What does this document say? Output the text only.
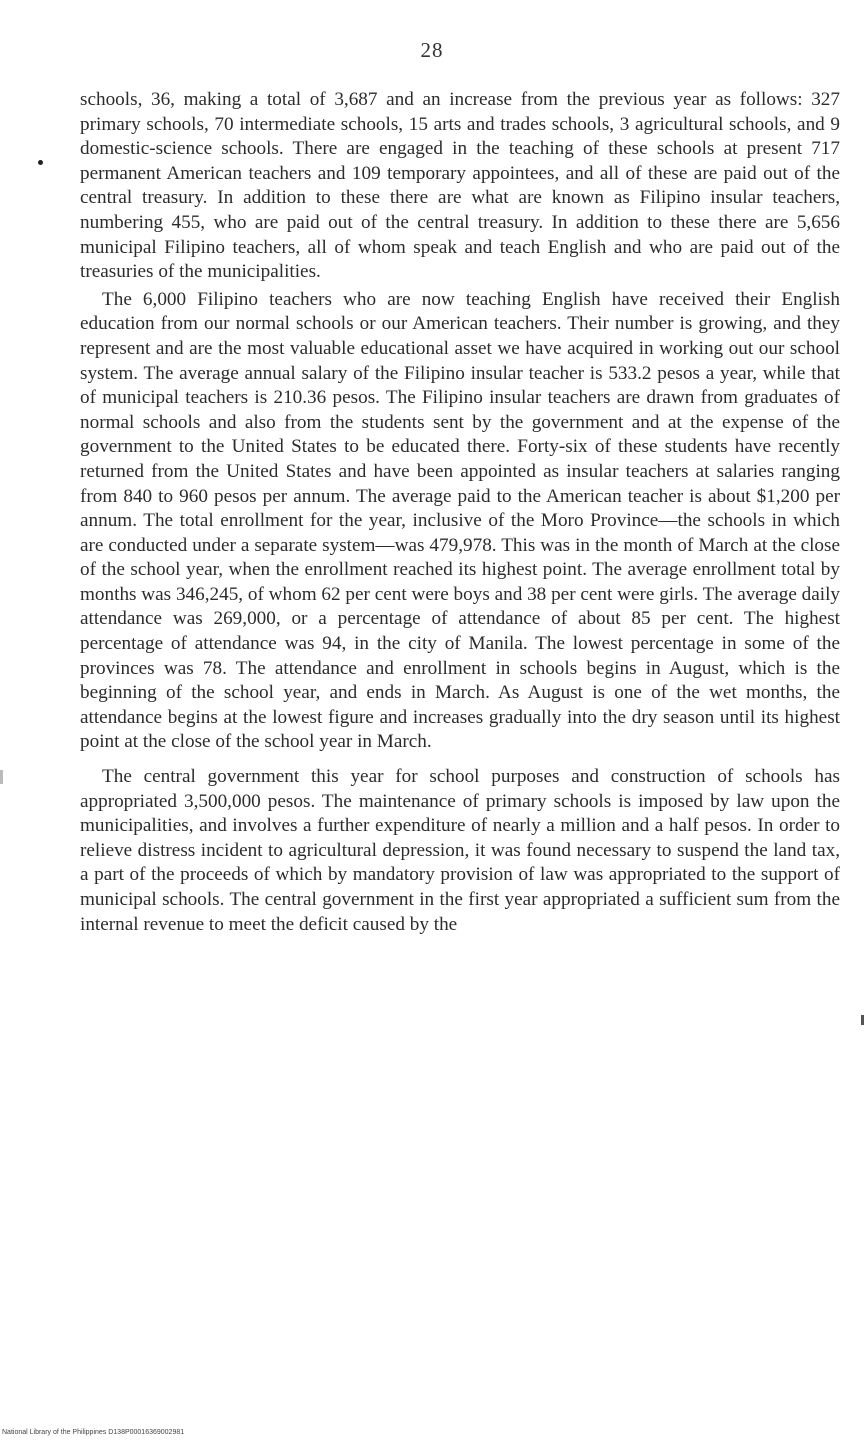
28

schools, 36, making a total of 3,687 and an increase from the previous year as follows: 327 primary schools, 70 intermediate schools, 15 arts and trades schools, 3 agricultural schools, and 9 domestic-science schools. There are engaged in the teaching of these schools at present 717 permanent American teachers and 109 temporary appointees, and all of these are paid out of the central treasury. In addition to these there are what are known as Filipino insular teachers, numbering 455, who are paid out of the central treasury. In addition to these there are 5,656 municipal Filipino teachers, all of whom speak and teach English and who are paid out of the treasuries of the municipalities.

The 6,000 Filipino teachers who are now teaching English have received their English education from our normal schools or our American teachers. Their number is growing, and they represent and are the most valuable educational asset we have acquired in working out our school system. The average annual salary of the Filipino insular teacher is 533.2 pesos a year, while that of municipal teachers is 210.36 pesos. The Filipino insular teachers are drawn from graduates of normal schools and also from the students sent by the government and at the expense of the government to the United States to be educated there. Forty-six of these students have recently returned from the United States and have been appointed as insular teachers at salaries ranging from 840 to 960 pesos per annum. The average paid to the American teacher is about $1,200 per annum. The total enrollment for the year, inclusive of the Moro Province—the schools in which are conducted under a separate system—was 479,978. This was in the month of March at the close of the school year, when the enrollment reached its highest point. The average enrollment total by months was 346,245, of whom 62 per cent were boys and 38 per cent were girls. The average daily attendance was 269,000, or a percentage of attendance of about 85 per cent. The highest percentage of attendance was 94, in the city of Manila. The lowest percentage in some of the provinces was 78. The attendance and enrollment in schools begins in August, which is the beginning of the school year, and ends in March. As August is one of the wet months, the attendance begins at the lowest figure and increases gradually into the dry season until its highest point at the close of the school year in March.

The central government this year for school purposes and construction of schools has appropriated 3,500,000 pesos. The maintenance of primary schools is imposed by law upon the municipalities, and involves a further expenditure of nearly a million and a half pesos. In order to relieve distress incident to agricultural depression, it was found necessary to suspend the land tax, a part of the proceeds of which by mandatory provision of law was appropriated to the support of municipal schools. The central government in the first year appropriated a sufficient sum from the internal revenue to meet the deficit caused by the

National Library of the Philippines D138P00016369002981
